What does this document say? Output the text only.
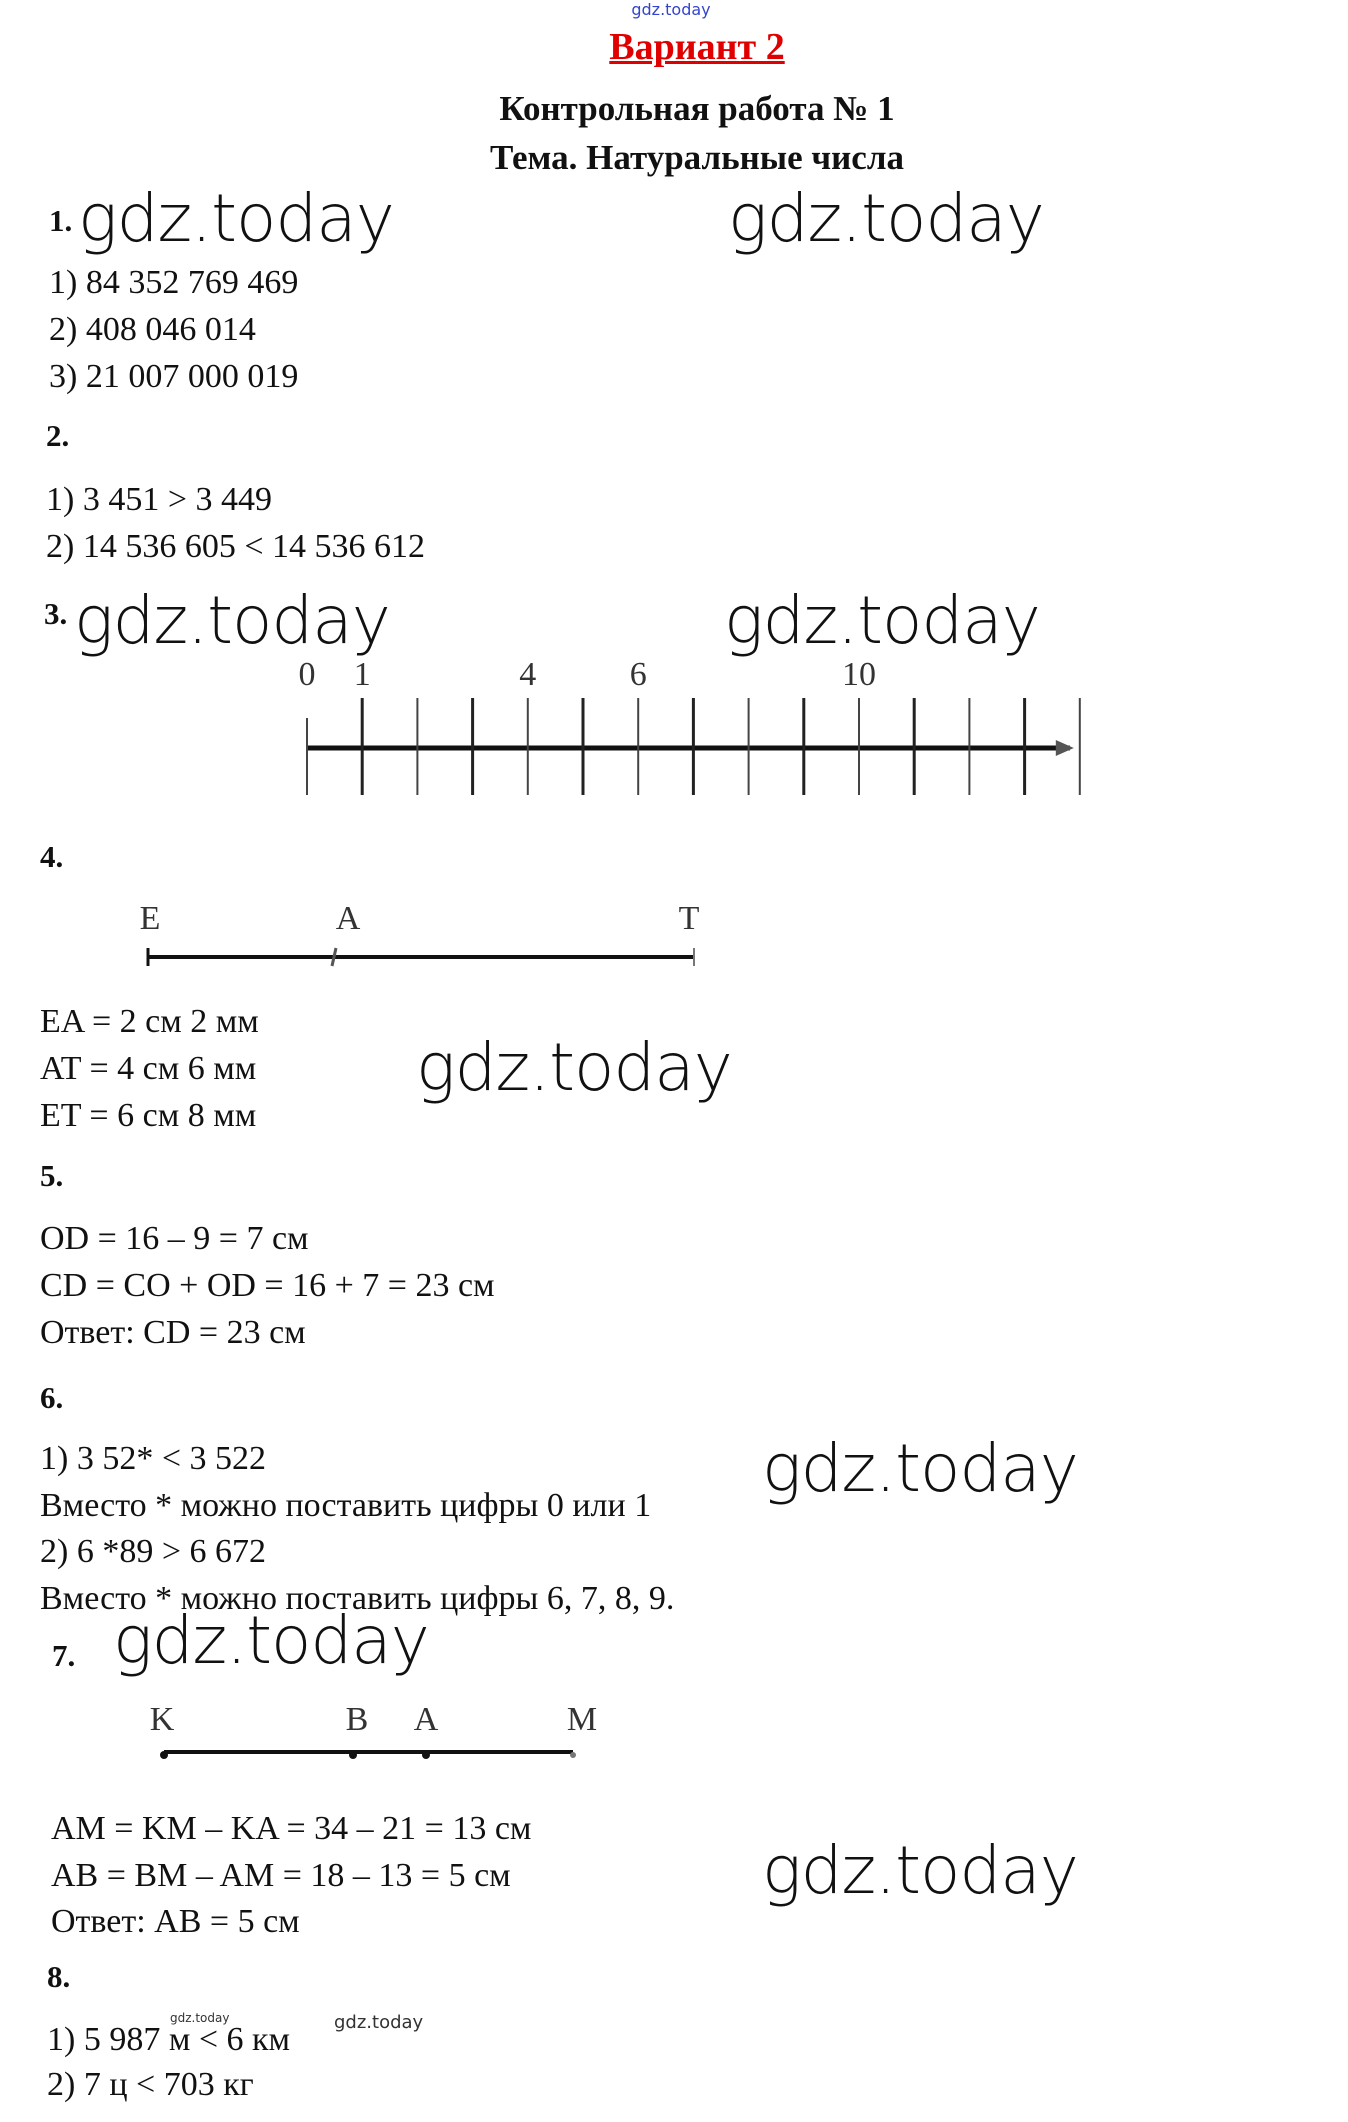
gdz.today
Вариант 2
Контрольная работа № 1
Тема. Натуральные числа
1. gdz.today	gdz.today
1) 84 352 769 469
2) 408 046 014
3) 21 007 000 019
2.
1) 3 451 > 3 449
2) 14 536 605 < 14 536 612
3. gdz.today	gdz.today
0 1	4	6	10
4.
E	A	T
EA = 2 см 2 мм
AT = 4 см 6 мм
ET = 6 см 8 мм
gdz.today
5.
OD = 16 – 9 = 7 см
CD = CO + OD = 16 + 7 = 23 см
Ответ: CD = 23 см
6.
1) 3 52* < 3 522
Вместо * можно поставить цифры 0 или 1
2) 6 *89 > 6 672
Вместо * можно поставить цифры 6, 7, 8, 9.
gdz.today
7. gdz.today
K	B A	M
AM = KM – KA = 34 – 21 = 13 см
AB = BM – AM = 18 – 13 = 5 см
Ответ: AB = 5 см
gdz.today
8.
1) 5 987 м < 6 км
2) 7 ц < 703 кг
gdz.today	gdz.today
